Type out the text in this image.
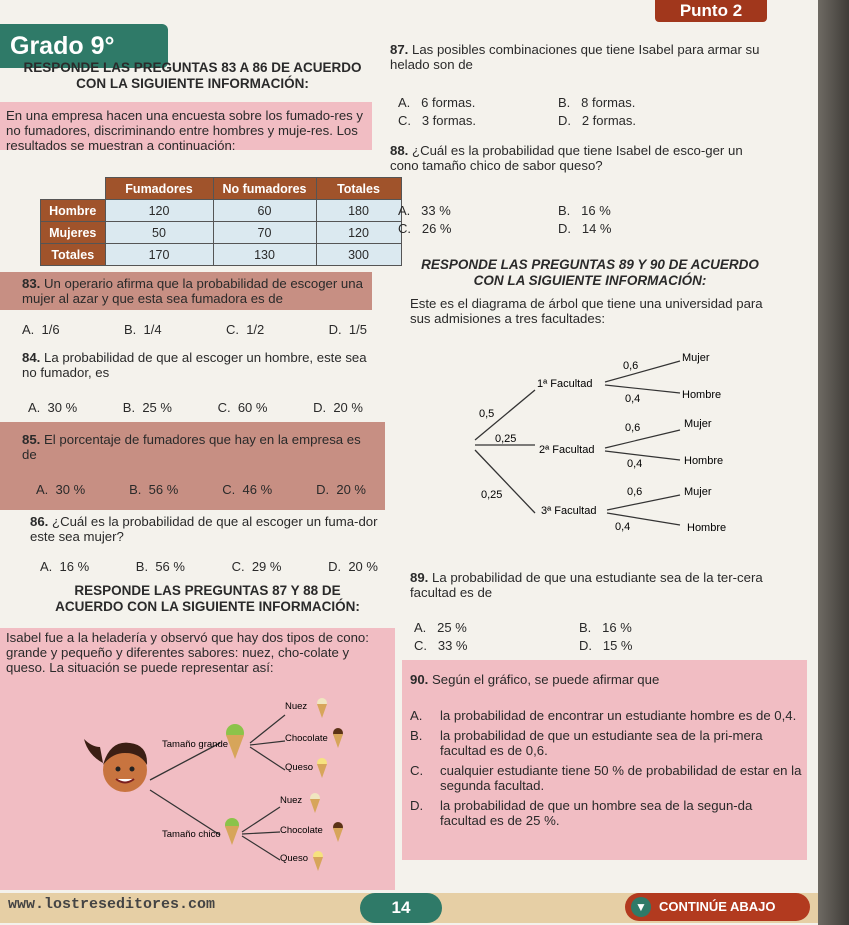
Punto 2
Grado 9°
RESPONDE LAS PREGUNTAS 83 A 86 DE ACUERDO CON LA SIGUIENTE INFORMACIÓN:
En una empresa hacen una encuesta sobre los fumado-res y no fumadores, discriminando entre hombres y muje-res. Los resultados se muestran a continuación:
	Fumadores	No fumadores	Totales
Hombre	120	60	180
Mujeres	50	70	120
Totales	170	130	300
83. Un operario afirma que la probabilidad de escoger una mujer al azar y que esta sea fumadora es de
A. 1/6	B. 1/4	C. 1/2	D. 1/5
84. La probabilidad de que al escoger un hombre, este sea no fumador, es
A. 30 %	B. 25 %	C. 60 %	D. 20 %
85. El porcentaje de fumadores que hay en la empresa es de
A. 30 %	B. 56 %	C. 46 %	D. 20 %
86. ¿Cuál es la probabilidad de que al escoger un fuma-dor este sea mujer?
A. 16 %	B. 56 %	C. 29 %	D. 20 %
RESPONDE LAS PREGUNTAS 87 Y 88 DE ACUERDO CON LA SIGUIENTE INFORMACIÓN:
Isabel fue a la heladería y observó que hay dos tipos de cono: grande y pequeño y diferentes sabores: nuez, cho-colate y queso. La situación se puede representar así:
Tamaño grande
Tamaño chico
Nuez
Chocolate
Queso
Nuez
Chocolate
Queso
87. Las posibles combinaciones que tiene Isabel para armar su helado son de
A. 6 formas.	B. 8 formas.
C. 3 formas.	D. 2 formas.
88. ¿Cuál es la probabilidad que tiene Isabel de esco-ger un cono tamaño chico de sabor queso?
A. 33 %	B. 16 %
C. 26 %	D. 14 %
RESPONDE LAS PREGUNTAS 89 Y 90 DE ACUERDO CON LA SIGUIENTE INFORMACIÓN:
Este es el diagrama de árbol que tiene una universidad para sus admisiones a tres facultades:
0,5
0,25
0,25
1ª Facultad
2ª Facultad
3ª Facultad
0,6
0,4
0,6
0,4
0,6
0,4
Mujer
Hombre
Mujer
Hombre
Mujer
Hombre
89. La probabilidad de que una estudiante sea de la ter-cera facultad es de
A. 25 %	B. 16 %
C. 33 %	D. 15 %
90. Según el gráfico, se puede afirmar que
A.	la probabilidad de encontrar un estudiante hombre es de 0,4.
B.	la probabilidad de que un estudiante sea de la pri-mera facultad es de 0,6.
C.	cualquier estudiante tiene 50 % de probabilidad de estar en la segunda facultad.
D.	la probabilidad de que un hombre sea de la segun-da facultad es de 25 %.
www.lostreseditores.com	14	▼ CONTINÚE ABAJO
